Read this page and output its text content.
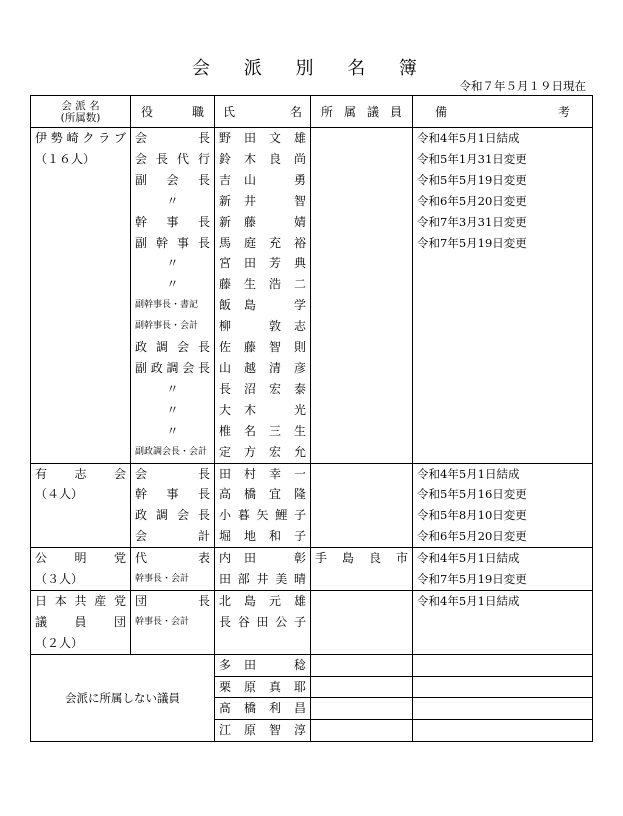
会 派 別 名 簿
令和７年５月１９日現在
会 派 名
(所属数)	役職	氏名	所属議員	備考

伊勢崎クラブ	会長	野田文雄		令和4年5月1日結成

（１６人）	会長代行	鈴木良尚		令和5年1月31日変更
	副会長	吉山　勇		令和5年5月19日変更
	〃	新井　智		令和6年5月20日変更
	幹事長	新藤　婧		令和7年3月31日変更
	副幹事長	馬庭充裕		令和7年5月19日変更
	〃	宮田芳典		
	〃	藤生浩二		
	副幹事長・書記	飯島　学		
	副幹事長・会計	柳　敦志		
	政調会長	佐藤智則		
	副政調会長	山越清彦		
	〃	長沼宏泰		
	〃	大木　光		
	〃	椎名三生		
	副政調会長・会計	定方宏允		

有志会	会長	田村幸一		令和4年5月1日結成

（４人）	幹事長	高橋宜隆		令和5年5月16日変更
	政調会長	小暮矢鯉子		令和5年8月10日変更
	会計	堀地和子		令和6年5月20日変更

公明党	代表	内田　彰	手島良市	令和4年5月1日結成

（３人）	幹事長・会計	田部井美晴		令和7年5月19日変更

日本共産党	団長	北島元雄		令和4年5月1日結成

議員団	幹事長・会計	長谷田公子		

（２人）				

会派に所属しない議員		多田　稔		
		栗原真耶		
		髙橋利昌		
		江原智淳		
